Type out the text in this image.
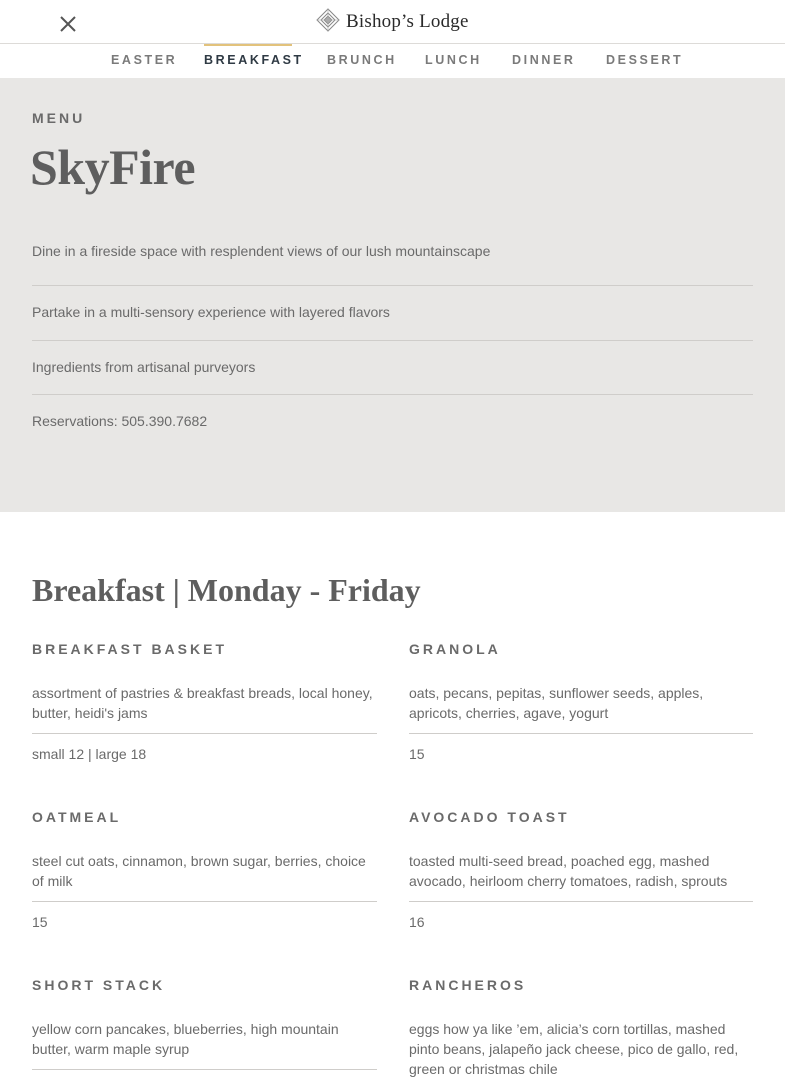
Bishop’s Lodge
EASTER BREAKFAST BRUNCH LUNCH DINNER DESSERT
MENU
SkyFire
Dine in a fireside space with resplendent views of our lush mountainscape
Partake in a multi-sensory experience with layered flavors
Ingredients from artisanal purveyors
Reservations: 505.390.7682
Breakfast | Monday - Friday
BREAKFAST BASKET
assortment of pastries & breakfast breads, local honey, butter, heidi's jams
small 12 | large 18
GRANOLA
oats, pecans, pepitas, sunflower seeds, apples, apricots, cherries, agave, yogurt
15
OATMEAL
steel cut oats, cinnamon, brown sugar, berries, choice of milk
15
AVOCADO TOAST
toasted multi-seed bread, poached egg, mashed avocado, heirloom cherry tomatoes, radish, sprouts
16
SHORT STACK
yellow corn pancakes, blueberries, high mountain butter, warm maple syrup
RANCHEROS
eggs how ya like ’em, alicia’s corn tortillas, mashed pinto beans, jalapeño jack cheese, pico de gallo, red, green or christmas chile
